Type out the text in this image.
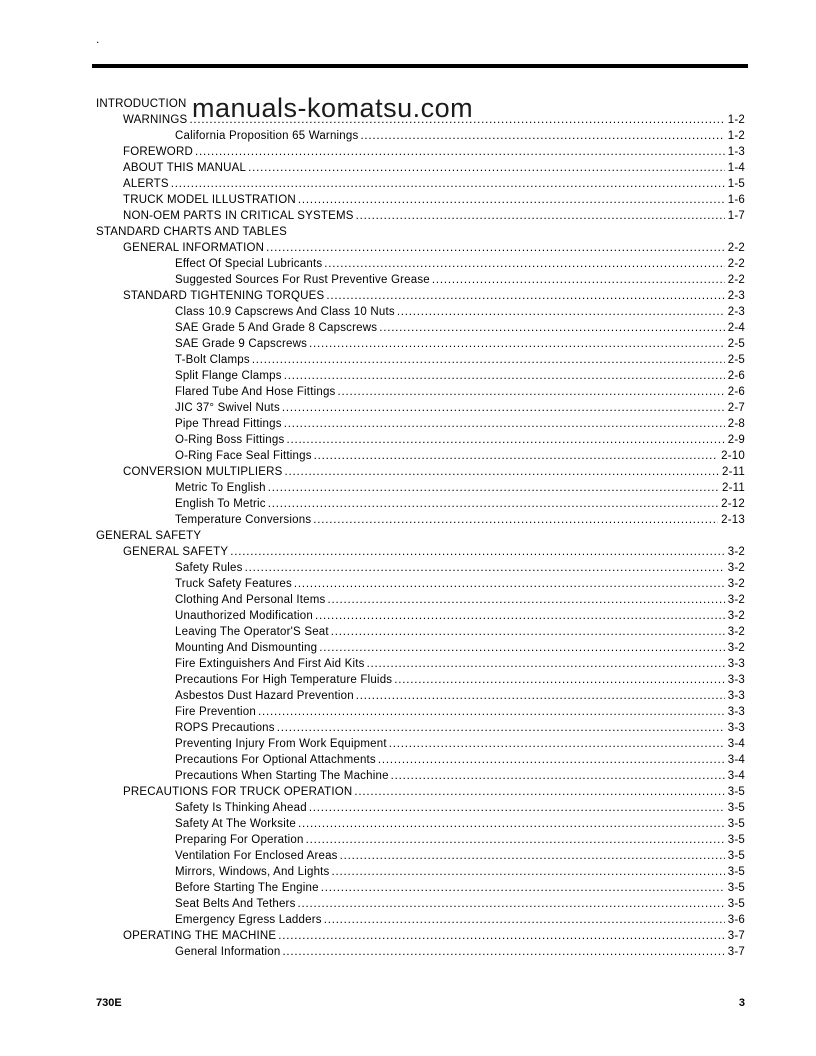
.
manuals-komatsu.com
INTRODUCTION
WARNINGS .....	1-2
California Proposition 65 Warnings .....	1-2
FOREWORD .....	1-3
ABOUT THIS MANUAL .....	1-4
ALERTS .....	1-5
TRUCK MODEL ILLUSTRATION .....	1-6
NON-OEM PARTS IN CRITICAL SYSTEMS .....	1-7
STANDARD CHARTS AND TABLES
GENERAL INFORMATION .....	2-2
Effect Of Special Lubricants .....	2-2
Suggested Sources For Rust Preventive Grease .....	2-2
STANDARD TIGHTENING TORQUES .....	2-3
Class 10.9 Capscrews And Class 10 Nuts .....	2-3
SAE Grade 5 And Grade 8 Capscrews .....	2-4
SAE Grade 9 Capscrews .....	2-5
T-Bolt Clamps .....	2-5
Split Flange Clamps .....	2-6
Flared Tube And Hose Fittings .....	2-6
JIC 37° Swivel Nuts .....	2-7
Pipe Thread Fittings .....	2-8
O-Ring Boss Fittings .....	2-9
O-Ring Face Seal Fittings .....	2-10
CONVERSION MULTIPLIERS .....	2-11
Metric To English .....	2-11
English To Metric .....	2-12
Temperature Conversions .....	2-13
GENERAL SAFETY
GENERAL SAFETY .....	3-2
Safety Rules .....	3-2
Truck Safety Features .....	3-2
Clothing And Personal Items .....	3-2
Unauthorized Modification .....	3-2
Leaving The Operator'S Seat .....	3-2
Mounting And Dismounting .....	3-2
Fire Extinguishers And First Aid Kits .....	3-3
Precautions For High Temperature Fluids .....	3-3
Asbestos Dust Hazard Prevention .....	3-3
Fire Prevention .....	3-3
ROPS Precautions .....	3-3
Preventing Injury From Work Equipment .....	3-4
Precautions For Optional Attachments .....	3-4
Precautions When Starting The Machine .....	3-4
PRECAUTIONS FOR TRUCK OPERATION .....	3-5
Safety Is Thinking Ahead .....	3-5
Safety At The Worksite .....	3-5
Preparing For Operation .....	3-5
Ventilation For Enclosed Areas .....	3-5
Mirrors, Windows, And Lights .....	3-5
Before Starting The Engine .....	3-5
Seat Belts And Tethers .....	3-5
Emergency Egress Ladders .....	3-6
OPERATING THE MACHINE .....	3-7
General Information .....	3-7
730E	3
